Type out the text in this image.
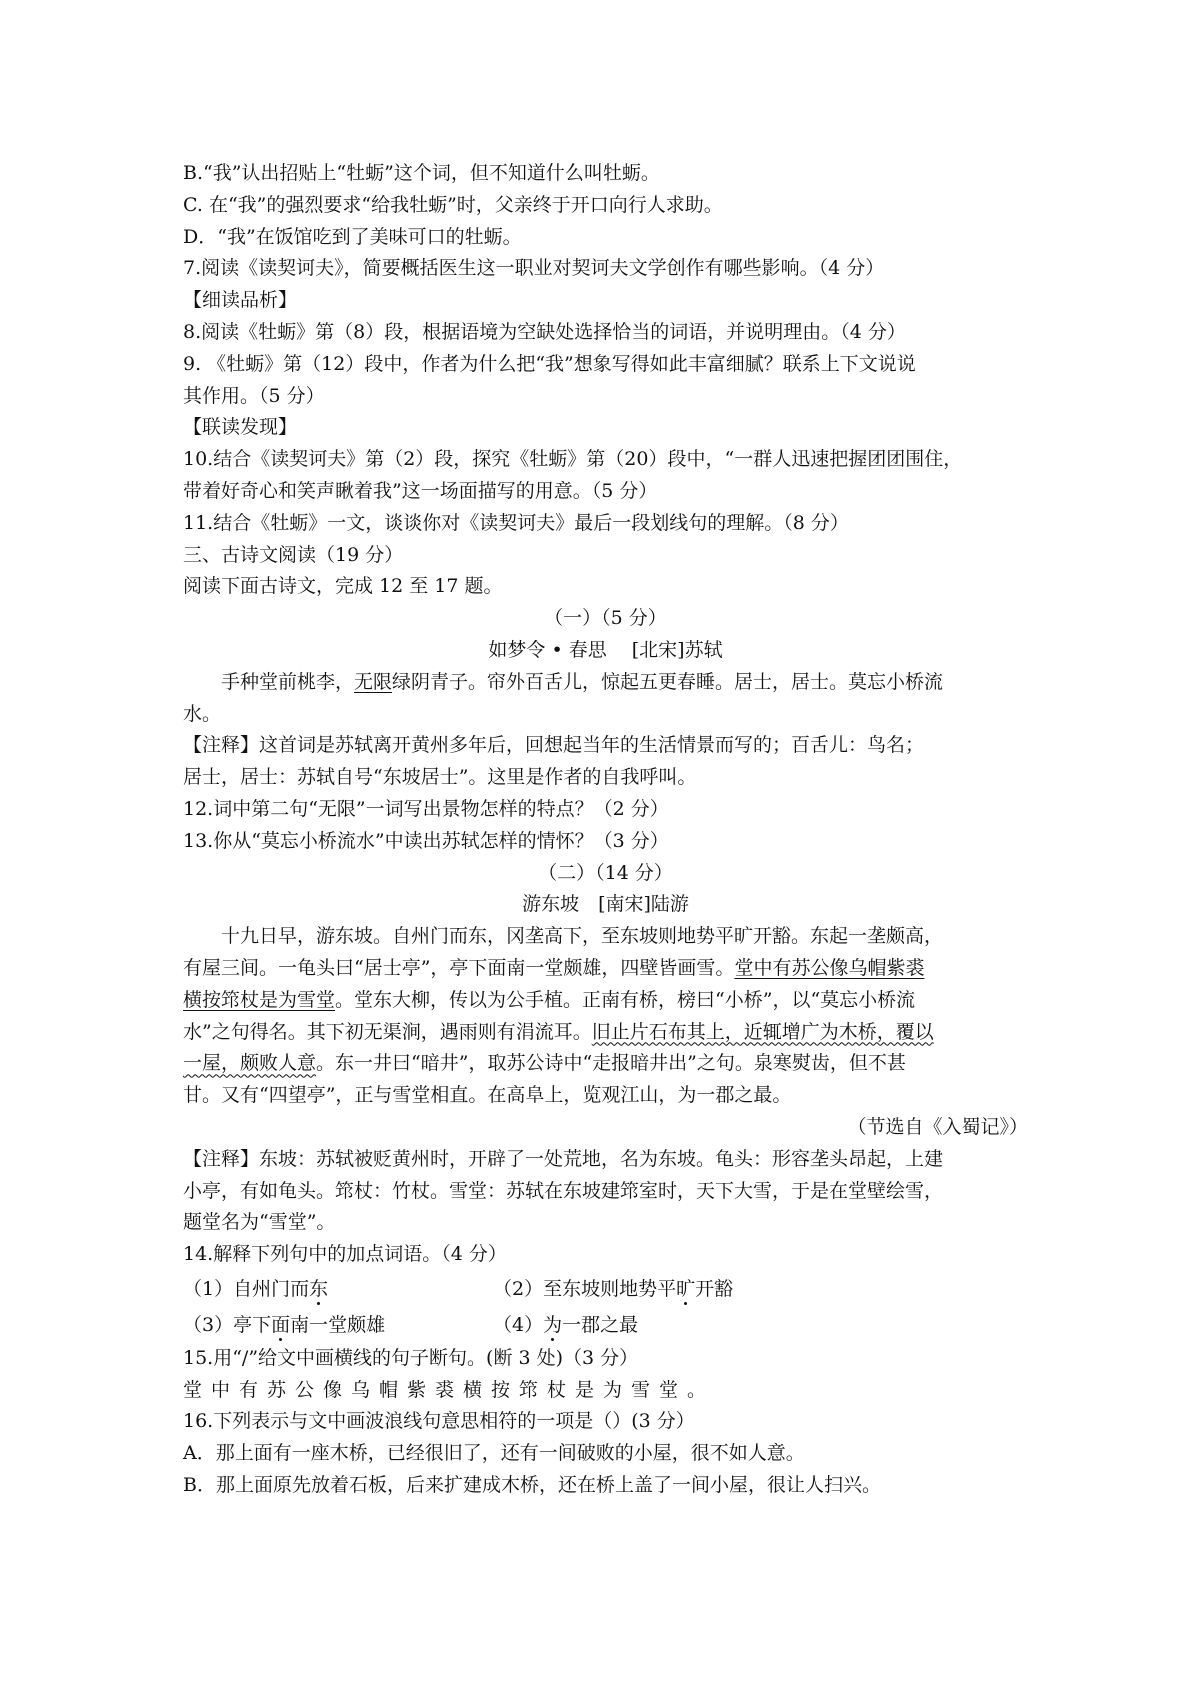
B.“我”认出招贴上“牡蛎”这个词，但不知道什么叫牡蛎。
C. 在“我”的强烈要求“给我牡蛎”时，父亲终于开口向行人求助。
D．“我”在饭馆吃到了美味可口的牡蛎。
7.阅读《读契诃夫》，简要概括医生这一职业对契诃夫文学创作有哪些影响。（4 分）
【细读品析】
8.阅读《牡蛎》第（8）段，根据语境为空缺处选择恰当的词语，并说明理由。（4 分）
9. 《牡蛎》第（12）段中，作者为什么把“我”想象写得如此丰富细腻？联系上下文说说
其作用。（5 分）
【联读发现】
10.结合《读契诃夫》第（2）段，探究《牡蛎》第（20）段中，“一群人迅速把握团团围住，
带着好奇心和笑声瞅着我”这一场面描写的用意。（5 分）
11.结合《牡蛎》一文，谈谈你对《读契诃夫》最后一段划线句的理解。（8 分）
三、古诗文阅读（19 分）
阅读下面古诗文，完成 12 至 17 题。
（一）（5 分）
如梦令 • 春思　 [北宋]苏轼
手种堂前桃李，无限绿阴青子。帘外百舌儿，惊起五更春睡。居士，居士。莫忘小桥流
水。
【注释】这首词是苏轼离开黄州多年后，回想起当年的生活情景而写的；百舌儿：鸟名；
居士，居士：苏轼自号“东坡居士”。这里是作者的自我呼叫。
12.词中第二句“无限”一词写出景物怎样的特点？（2 分）
13.你从“莫忘小桥流水”中读出苏轼怎样的情怀？（3 分）
（二）（14 分）
游东坡　[南宋]陆游
十九日早，游东坡。自州门而东，冈垄高下，至东坡则地势平旷开豁。东起一垄颇高，
有屋三间。一龟头曰“居士亭”，亭下面南一堂颇雄，四壁皆画雪。堂中有苏公像乌帽紫裘
横按筇杖是为雪堂。堂东大柳，传以为公手植。正南有桥，榜曰“小桥”，以“莫忘小桥流
水”之句得名。其下初无渠涧，遇雨则有涓流耳。旧止片石布其上，近辄增广为木桥，覆以
一屋，颇败人意。东一井曰“暗井”，取苏公诗中“走报暗井出”之句。泉寒熨齿，但不甚
甘。又有“四望亭”，正与雪堂相直。在高阜上，览观江山，为一郡之最。
（节选自《入蜀记》）
【注释】东坡：苏轼被贬黄州时，开辟了一处荒地，名为东坡。龟头：形容垄头昂起，上建
小亭，有如龟头。筇杖：竹杖。雪堂：苏轼在东坡建筇室时，天下大雪，于是在堂壁绘雪，
题堂名为“雪堂”。
14.解释下列句中的加点词语。（4 分）
（1）自州门而东	（2）至东坡则地势平旷开豁
（3）亭下面南一堂颇雄	（4）为一郡之最
15.用“/”给文中画横线的句子断句。(断 3 处)（3 分）
堂中有苏公像乌帽紫裘横按筇杖是为雪堂。
16.下列表示与文中画波浪线句意思相符的一项是（）(3 分）
A．那上面有一座木桥，已经很旧了，还有一间破败的小屋，很不如人意。
B．那上面原先放着石板，后来扩建成木桥，还在桥上盖了一间小屋，很让人扫兴。
